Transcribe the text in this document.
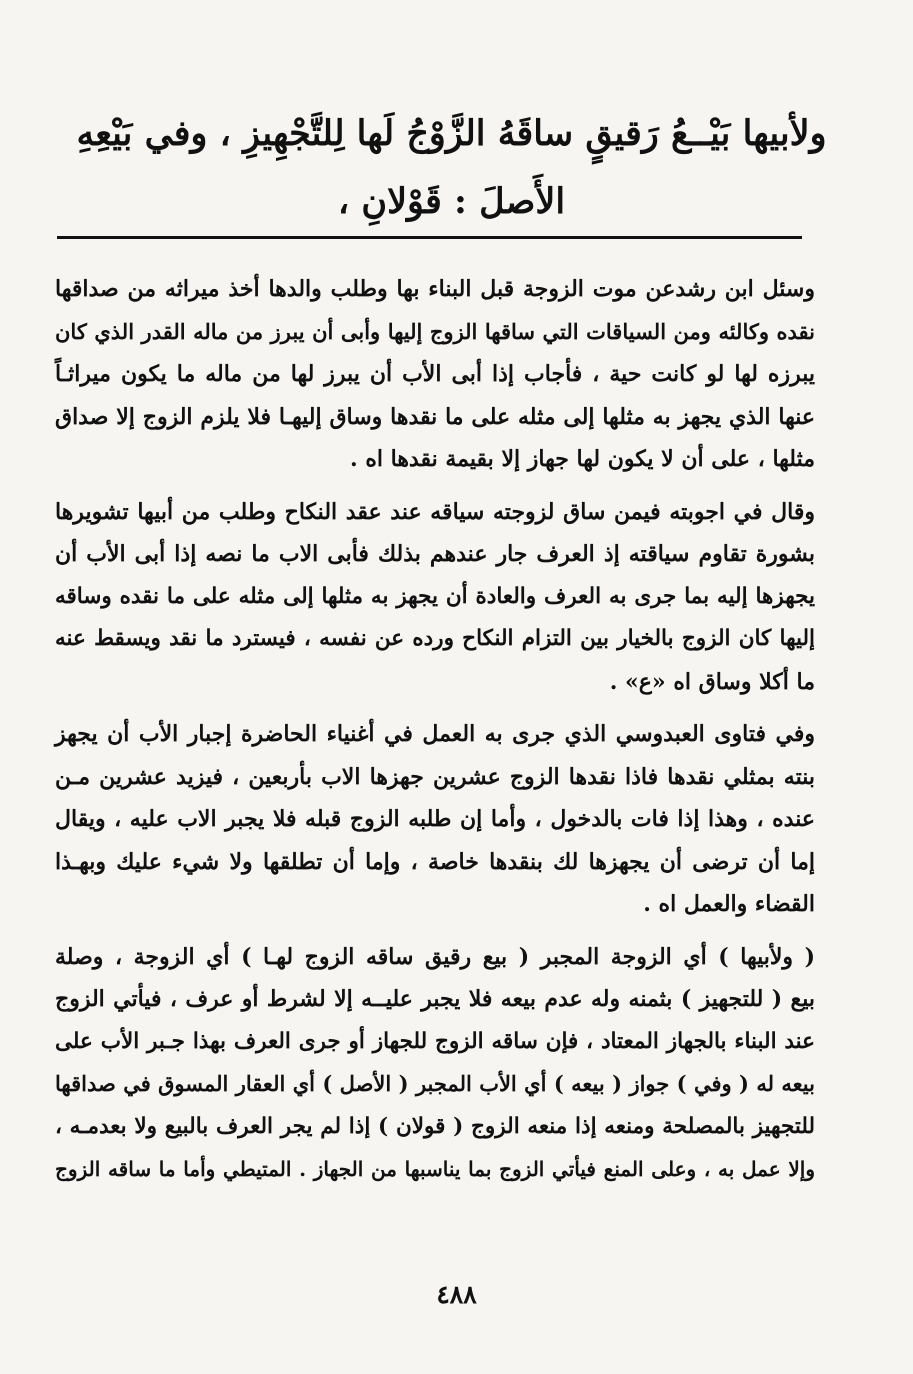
ولأبيها بَيْــعُ رَقيقٍ ساقَهُ الزَّوْجُ لَها لِلتَّجْهِيزِ ، وفي بَيْعِهِ
الأَصلَ : قَوْلانِ ،
وسئل ابن رشدعن موت الزوجة قبل البناء بها وطلب والدها أخذ ميراثه من صداقها
نقده وكالئه ومن السياقات التي ساقها الزوج إليها وأبى أن يبرز من ماله القدر الذي كان
يبرزه لها لو كانت حية ، فأجاب إذا أبى الأب أن يبرز لها من ماله ما يكون ميراثـاً
عنها الذي يجهز به مثلها إلى مثله على ما نقدها وساق إليهـا فلا يلزم الزوج إلا صداق
مثلها ، على أن لا يكون لها جهاز إلا بقيمة نقدها اه .
وقال في اجوبته فيمن ساق لزوجته سياقه عند عقد النكاح وطلب من أبيها تشويرها
بشورة تقاوم سياقته إذ العرف جار عندهم بذلك فأبى الاب ما نصه إذا أبى الأب أن
يجهزها إليه بما جرى به العرف والعادة أن يجهز به مثلها إلى مثله على ما نقده وساقه
إليها كان الزوج بالخيار بين التزام النكاح ورده عن نفسه ، فيسترد ما نقد ويسقط عنه
ما أكلا وساق اه «ع» .
وفي فتاوى العبدوسي الذي جرى به العمل في أغنياء الحاضرة إجبار الأب أن يجهز
بنته بمثلي نقدها فاذا نقدها الزوج عشرين جهزها الاب بأربعين ، فيزيد عشرين مـن
عنده ، وهذا إذا فات بالدخول ، وأما إن طلبه الزوج قبله فلا يجبر الاب عليه ، ويقال
إما أن ترضى أن يجهزها لك بنقدها خاصة ، وإما أن تطلقها ولا شيء عليك وبهـذا
القضاء والعمل اه .
( ولأبيها ) أي الزوجة المجبر ( بيع رقيق ساقه الزوج لهـا ) أي الزوجة ، وصلة
بيع ( للتجهيز ) بثمنه وله عدم بيعه فلا يجبر عليــه إلا لشرط أو عرف ، فيأتي الزوج
عند البناء بالجهاز المعتاد ، فإن ساقه الزوج للجهاز أو جرى العرف بهذا جـبر الأب على
بيعه له ( وفي ) جواز ( بيعه ) أي الأب المجبر ( الأصل ) أي العقار المسوق في صداقها
للتجهيز بالمصلحة ومنعه إذا منعه الزوج ( قولان ) إذا لم يجر العرف بالبيع ولا بعدمـه ،
وإلا عمل به ، وعلى المنع فيأتي الزوج بما يناسبها من الجهاز . المتيطي وأما ما ساقه الزوج
٤٨٨
